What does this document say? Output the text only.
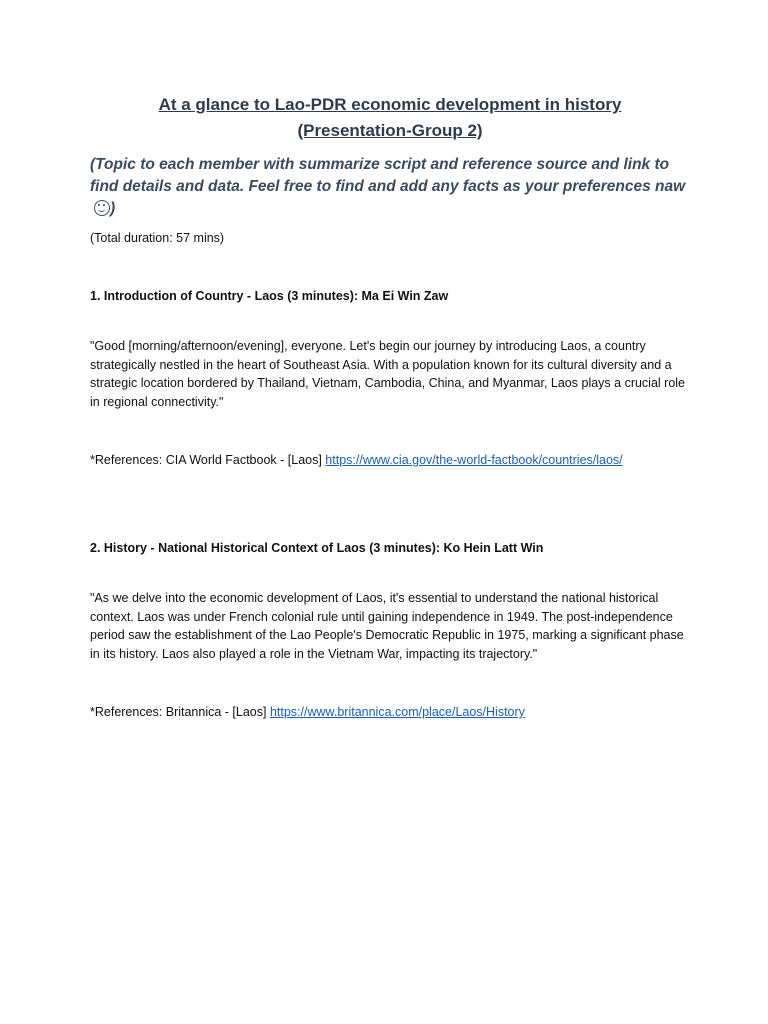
At a glance to Lao-PDR economic development in history
(Presentation-Group 2)

(Topic to each member with summarize script and reference source and link to find details and data. Feel free to find and add any facts as your preferences naw)

(Total duration: 57 mins)

1. Introduction of Country - Laos (3 minutes): Ma Ei Win Zaw

"Good [morning/afternoon/evening], everyone. Let's begin our journey by introducing Laos, a country strategically nestled in the heart of Southeast Asia. With a population known for its cultural diversity and a strategic location bordered by Thailand, Vietnam, Cambodia, China, and Myanmar, Laos plays a crucial role in regional connectivity."

*References: CIA World Factbook - [Laos] https://www.cia.gov/the-world-factbook/countries/laos/

2. History - National Historical Context of Laos (3 minutes): Ko Hein Latt Win

"As we delve into the economic development of Laos, it's essential to understand the national historical context. Laos was under French colonial rule until gaining independence in 1949. The post-independence period saw the establishment of the Lao People's Democratic Republic in 1975, marking a significant phase in its history. Laos also played a role in the Vietnam War, impacting its trajectory."

*References: Britannica - [Laos] https://www.britannica.com/place/Laos/History
